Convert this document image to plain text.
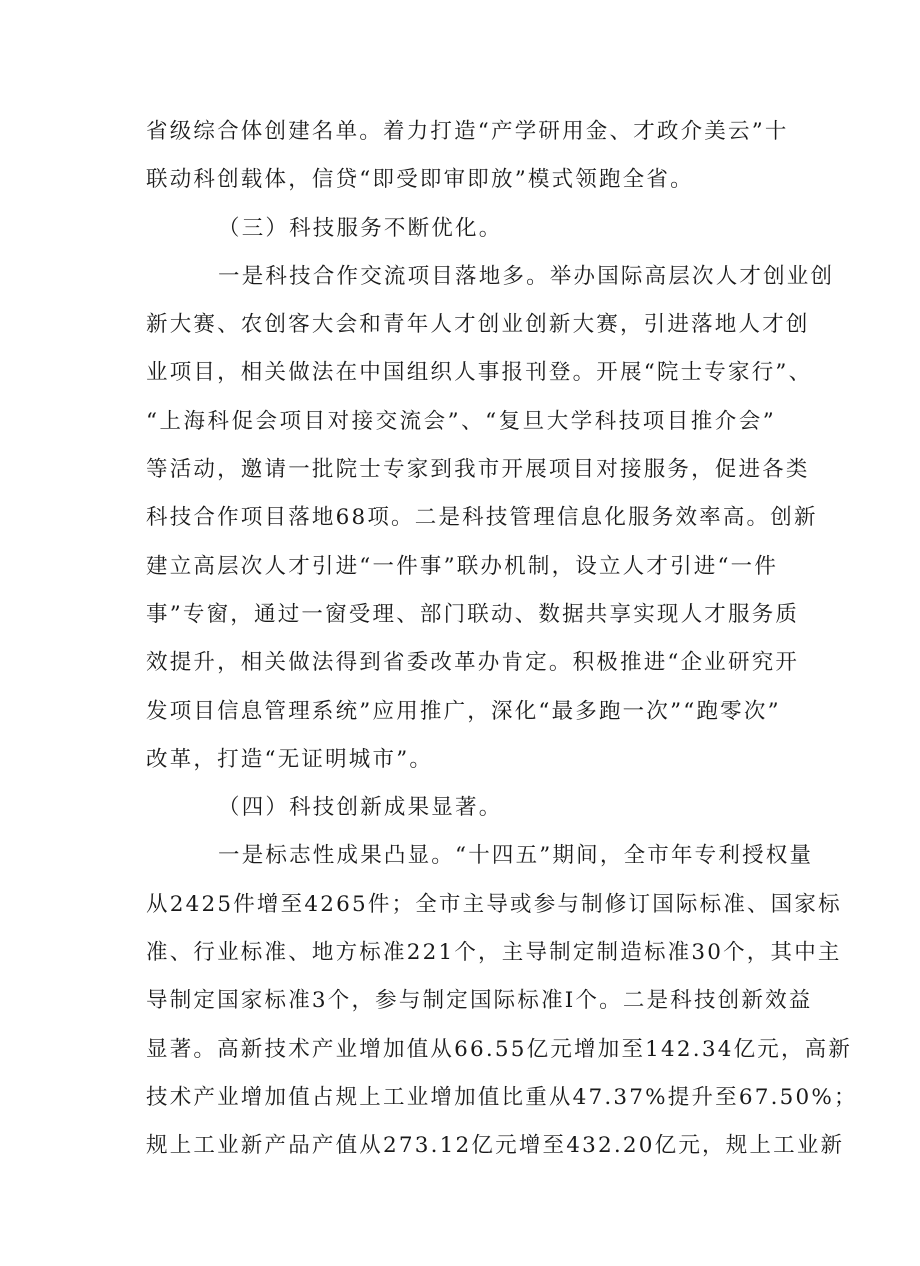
省级综合体创建名单。着力打造“产学研用金、才政介美云”十
联动科创载体，信贷“即受即审即放”模式领跑全省。
（三）科技服务不断优化。
一是科技合作交流项目落地多。举办国际高层次人才创业创
新大赛、农创客大会和青年人才创业创新大赛，引进落地人才创
业项目，相关做法在中国组织人事报刊登。开展“院士专家行”、
“上海科促会项目对接交流会”、“复旦大学科技项目推介会”
等活动，邀请一批院士专家到我市开展项目对接服务，促进各类
科技合作项目落地68项。二是科技管理信息化服务效率高。创新
建立高层次人才引进“一件事”联办机制，设立人才引进“一件
事”专窗，通过一窗受理、部门联动、数据共享实现人才服务质
效提升，相关做法得到省委改革办肯定。积极推进“企业研究开
发项目信息管理系统”应用推广，深化“最多跑一次”“跑零次”
改革，打造“无证明城市”。
（四）科技创新成果显著。
一是标志性成果凸显。“十四五”期间，全市年专利授权量
从2425件增至4265件；全市主导或参与制修订国际标准、国家标
准、行业标准、地方标准221个，主导制定制造标准30个，其中主
导制定国家标准3个，参与制定国际标准I个。二是科技创新效益
显著。高新技术产业增加值从66.55亿元增加至142.34亿元，高新
技术产业增加值占规上工业增加值比重从47.37%提升至67.50%；
规上工业新产品产值从273.12亿元增至432.20亿元，规上工业新
